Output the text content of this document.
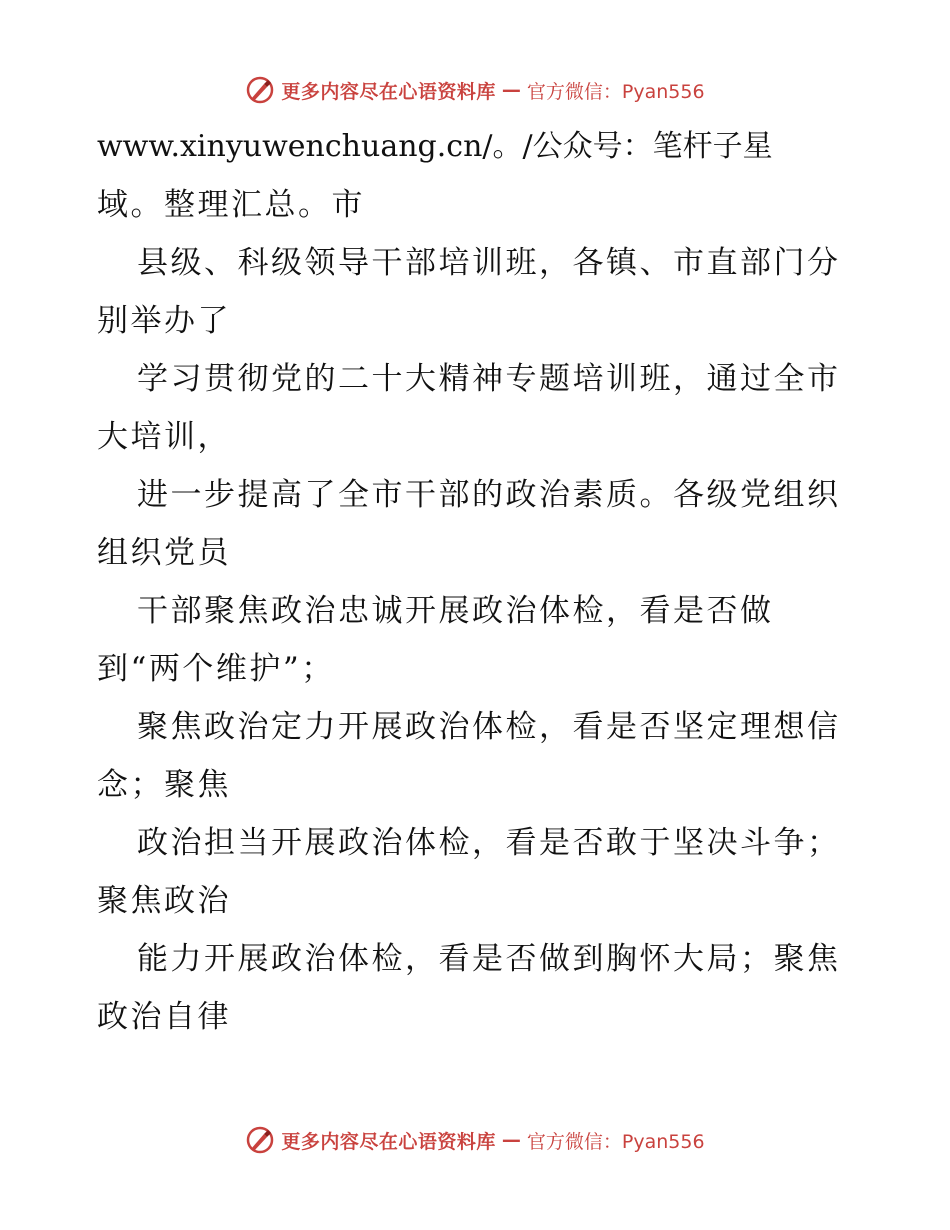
更多内容尽在心语资料库 — 官方微信：Pyan556
www.xinyuwenchuang.cn/。/公众号：笔杆子星
域。整理汇总。市
县级、科级领导干部培训班，各镇、市直部门分
别举办了
学习贯彻党的二十大精神专题培训班，通过全市
大培训，
进一步提高了全市干部的政治素质。各级党组织
组织党员
干部聚焦政治忠诚开展政治体检，看是否做
到“两个维护”；
聚焦政治定力开展政治体检，看是否坚定理想信
念；聚焦
政治担当开展政治体检，看是否敢于坚决斗争；
聚焦政治
能力开展政治体检，看是否做到胸怀大局；聚焦
政治自律
更多内容尽在心语资料库 — 官方微信：Pyan556
